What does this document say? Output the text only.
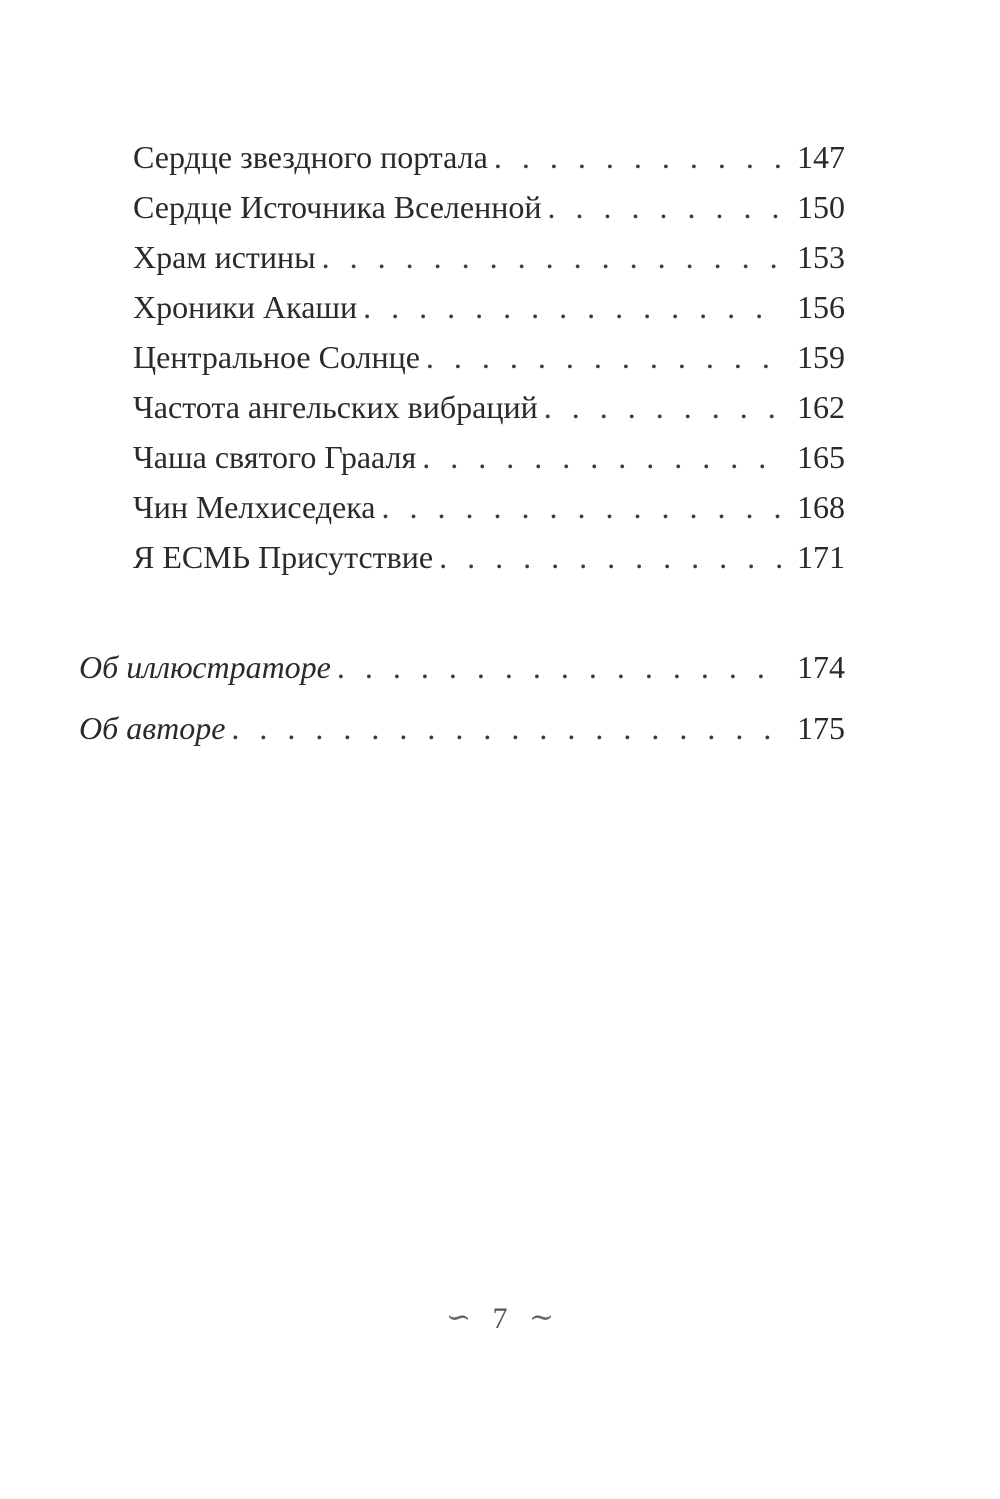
Сердце звездного портала . . .	147
Сердце Источника Вселенной . . .	150
Храм истины . . .	153
Хроники Акаши . . .	156
Центральное Солнце . . .	159
Частота ангельских вибраций . . .	162
Чаша святого Грааля . . .	165
Чин Мелхиседека . . .	168
Я ЕСМЬ Присутствие . . .	171
Об иллюстраторе . . .	174
Об авторе . . .	175
∽ 7 ∽
